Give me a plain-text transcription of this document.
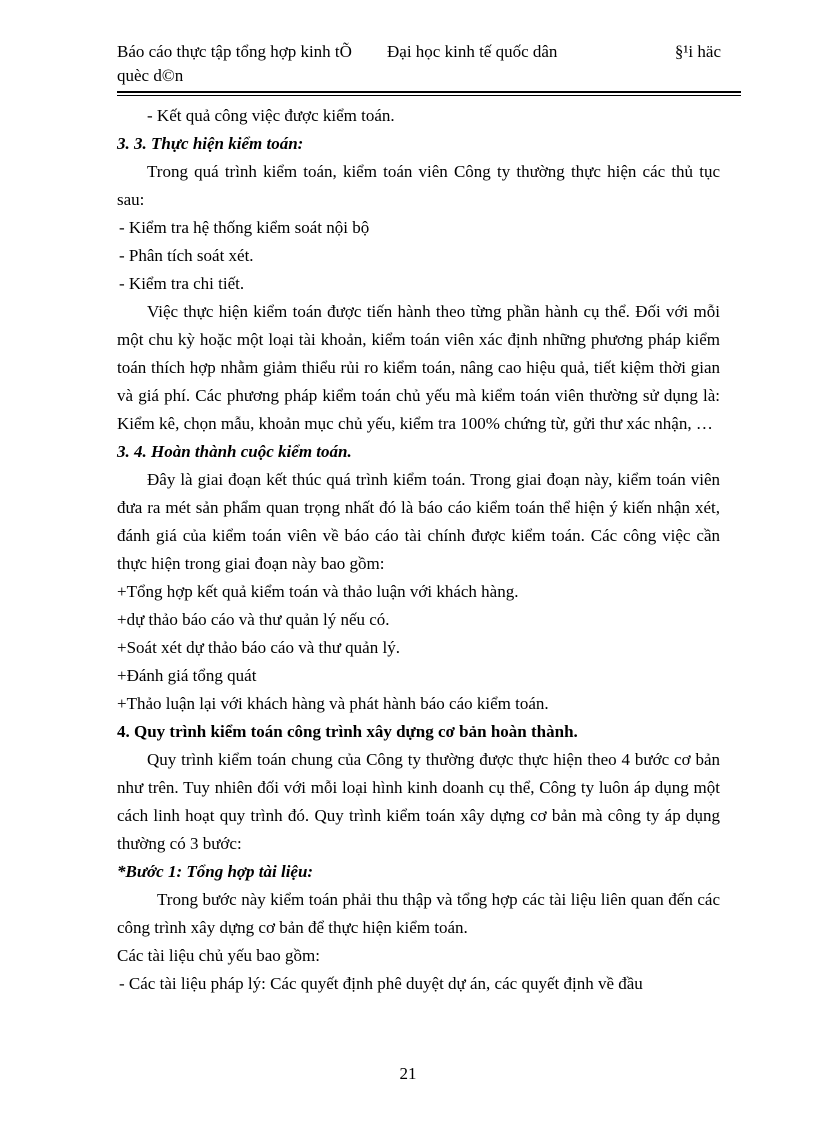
Báo cáo thực tập tổng hợp kinh tÕ quèc d©n
Đại học kinh tế quốc dân	§¹i häc

- Kết quả công việc được kiểm toán.

3. 3. Thực hiện kiểm toán:

Trong quá trình kiểm toán, kiểm toán viên Công ty thường thực hiện các thủ tục sau:

- Kiểm tra hệ thống kiểm soát nội bộ

- Phân tích soát xét.

- Kiểm tra chi tiết.

Việc thực hiện kiểm toán được tiến hành theo từng phần hành cụ thể. Đối với mỗi một chu kỳ hoặc một loại tài khoản, kiểm toán viên xác định những phương pháp kiểm toán thích hợp nhằm giảm thiểu rủi ro kiểm toán, nâng cao hiệu quả, tiết kiệm thời gian và giá phí. Các phương pháp kiểm toán chủ yếu mà kiểm toán viên thường sử dụng là: Kiểm kê, chọn mẫu, khoản mục chủ yếu, kiểm tra 100% chứng từ, gửi thư xác nhận, …

3. 4. Hoàn thành cuộc kiểm toán.

Đây là giai đoạn kết thúc quá trình kiểm toán. Trong giai đoạn này, kiểm toán viên đưa ra mét sản phẩm quan trọng nhất đó là báo cáo kiểm toán thể hiện ý kiến nhận xét, đánh giá của kiểm toán viên về báo cáo tài chính được kiểm toán. Các công việc cần thực hiện trong giai đoạn này bao gồm:

+Tổng hợp kết quả kiểm toán và thảo luận với khách hàng.

+dự thảo báo cáo và thư quản lý nếu có.

+Soát xét dự thảo báo cáo và thư quản lý.

+Đánh giá tổng quát

+Thảo luận lại với khách hàng và phát hành báo cáo kiểm toán.

4. Quy trình kiểm toán công trình xây dựng cơ bản hoàn thành.

Quy trình kiểm toán chung của Công ty thường được thực hiện theo 4 bước cơ bản như trên. Tuy nhiên đối với mỗi loại hình kinh doanh cụ thể, Công ty luôn áp dụng một cách linh hoạt quy trình đó. Quy trình kiểm toán xây dựng cơ bản mà công ty áp dụng thường có 3 bước:

*Bước 1: Tổng hợp tài liệu:

Trong bước này kiểm toán phải thu thập và tổng hợp các tài liệu liên quan đến các công trình xây dựng cơ bản để thực hiện kiểm toán.

Các tài liệu chủ yếu bao gồm:

- Các tài liệu pháp lý: Các quyết định phê duyệt dự án, các quyết định về đầu

21
